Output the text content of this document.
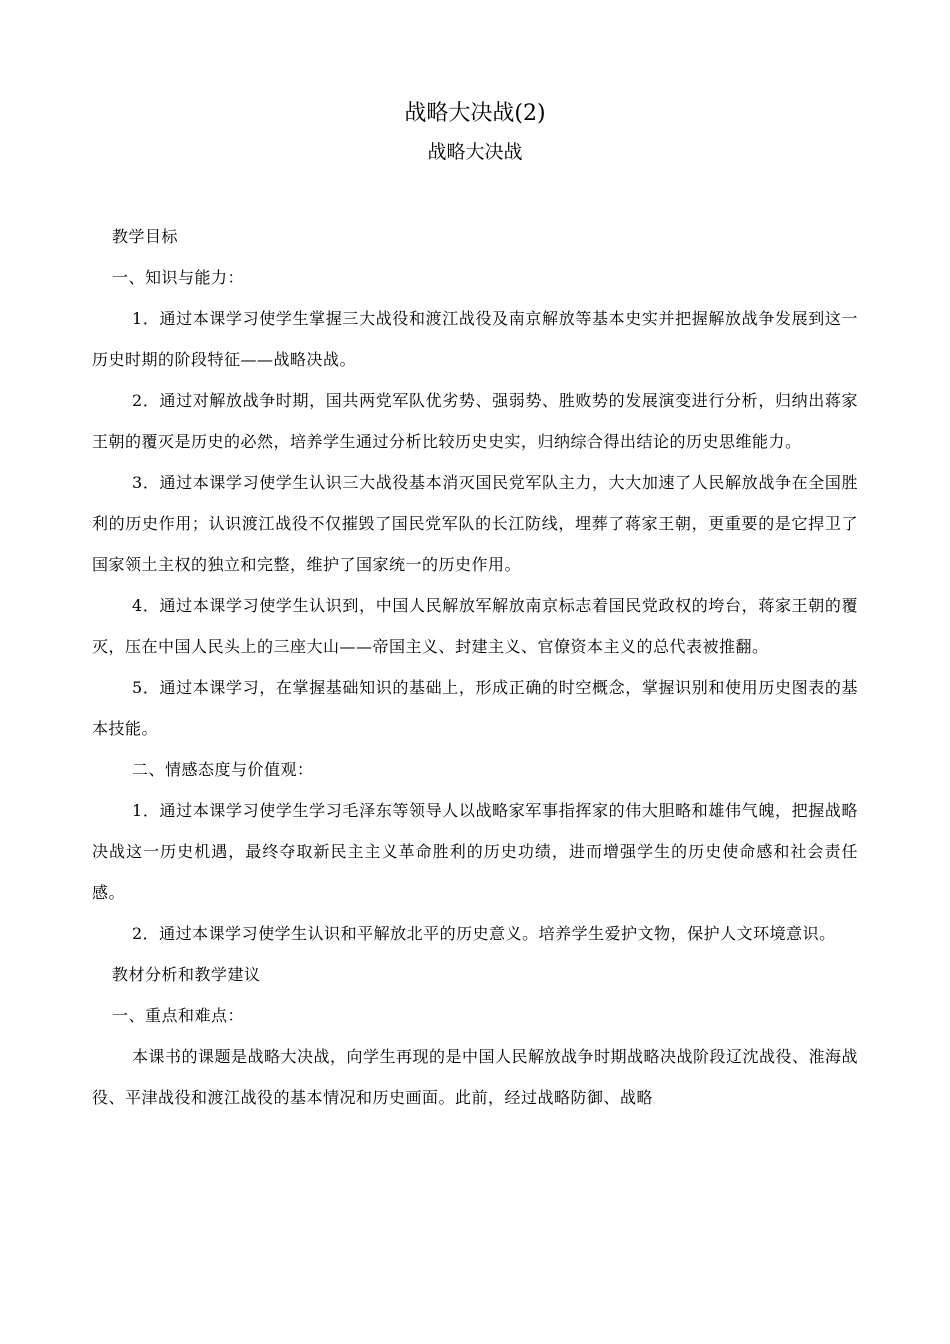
战略大决战(2)
战略大决战

教学目标

一、知识与能力：

1．通过本课学习使学生掌握三大战役和渡江战役及南京解放等基本史实并把握解放战争发展到这一历史时期的阶段特征——战略决战。

2．通过对解放战争时期，国共两党军队优劣势、强弱势、胜败势的发展演变进行分析，归纳出蒋家王朝的覆灭是历史的必然，培养学生通过分析比较历史史实，归纳综合得出结论的历史思维能力。

3．通过本课学习使学生认识三大战役基本消灭国民党军队主力，大大加速了人民解放战争在全国胜利的历史作用；认识渡江战役不仅摧毁了国民党军队的长江防线，埋葬了蒋家王朝，更重要的是它捍卫了国家领土主权的独立和完整，维护了国家统一的历史作用。

4．通过本课学习使学生认识到，中国人民解放军解放南京标志着国民党政权的垮台，蒋家王朝的覆灭，压在中国人民头上的三座大山——帝国主义、封建主义、官僚资本主义的总代表被推翻。

5．通过本课学习，在掌握基础知识的基础上，形成正确的时空概念，掌握识别和使用历史图表的基本技能。

二、情感态度与价值观：

1．通过本课学习使学生学习毛泽东等领导人以战略家军事指挥家的伟大胆略和雄伟气魄，把握战略决战这一历史机遇，最终夺取新民主主义革命胜利的历史功绩，进而增强学生的历史使命感和社会责任感。

2．通过本课学习使学生认识和平解放北平的历史意义。培养学生爱护文物，保护人文环境意识。

教材分析和教学建议

一、重点和难点：

本课书的课题是战略大决战，向学生再现的是中国人民解放战争时期战略决战阶段辽沈战役、淮海战役、平津战役和渡江战役的基本情况和历史画面。此前，经过战略防御、战略
